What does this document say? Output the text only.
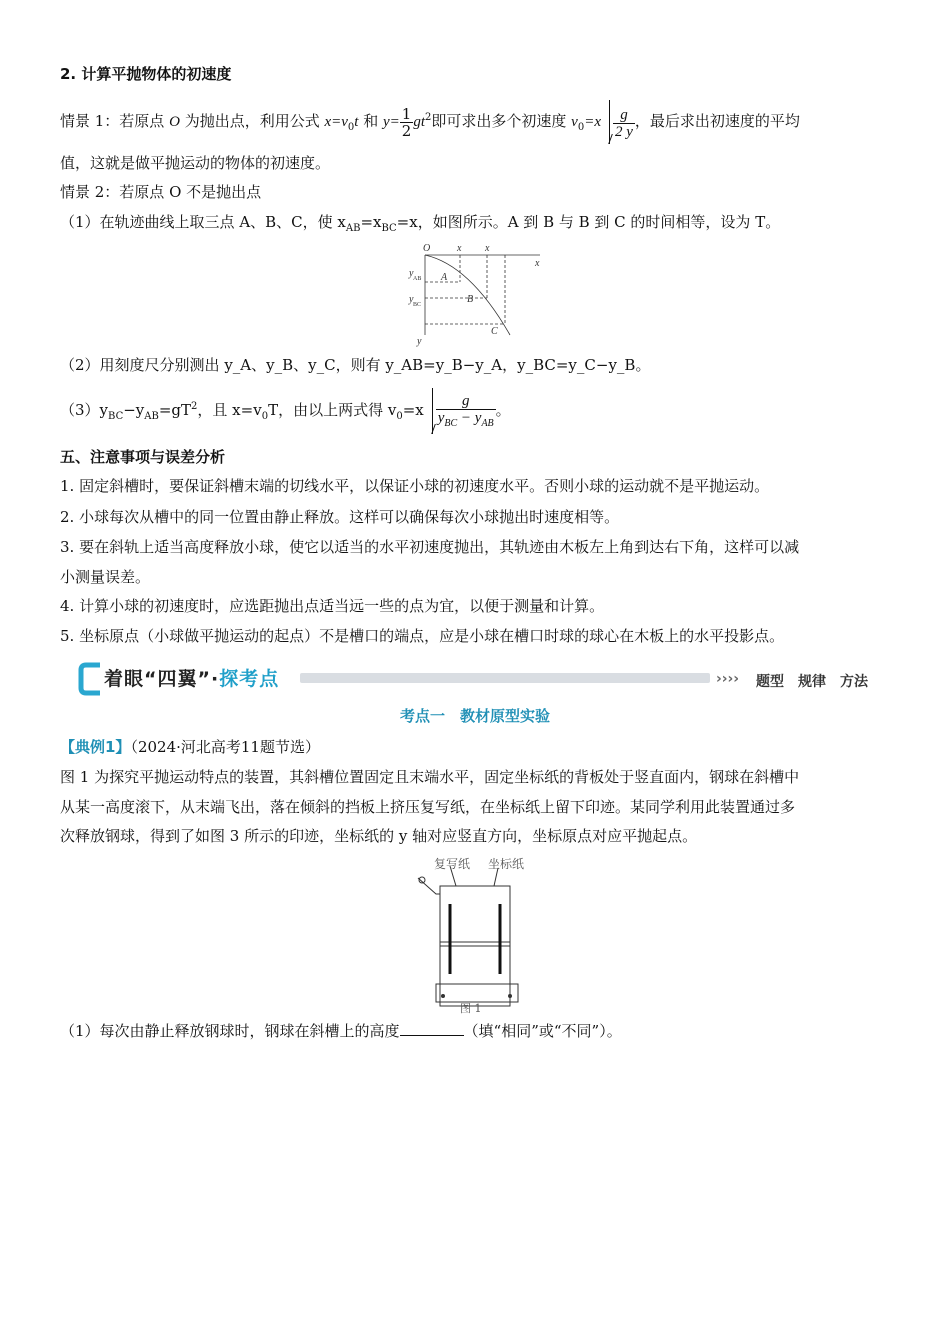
2. 计算平抛物体的初速度
情景 1：若原点 O 为抛出点，利用公式 $x=v_0t$ 和 $y= \frac{1}{2} gt^2$即可求出多个初速度 $v_0=x \frac{g}{2 y}$ ，最后求出初速度的平均
值，这就是做平抛运动的物体的初速度。
情景 2：若原点 O 不是抛出点
（1）在轨迹曲线上取三点 A、B、C，使 $x_{AB}=x_{BC}=x$，如图所示。A 到 B 与 B 到 C 的时间相等，设为 T。
O	x x
x
y
A
B
C
y
y
AB
BC
（2）用刻度尺分别测出 y_A、y_B、y_C，则有 y_AB=y_B−y_A，y_BC=y_C−y_B。
$(3)y_{BC}-y_{AB}=gT^2$，且 $x=v_0T$，由以上两式得 $v_0=x \frac{g}{y_{BC} - y_{AB}}$ 。
五、注意事项与误差分析
1. 固定斜槽时，要保证斜槽末端的切线水平，以保证小球的初速度水平。否则小球的运动就不是平抛运动。
2. 小球每次从槽中的同一位置由静止释放。这样可以确保每次小球抛出时速度相等。
3. 要在斜轨上适当高度释放小球，使它以适当的水平初速度抛出，其轨迹由木板左上角到达右下角，这样可以减
小测量误差。
4. 计算小球的初速度时，应选距抛出点适当远一些的点为宜，以便于测量和计算。
5. 坐标原点（小球做平抛运动的起点）不是槽口的端点，应是小球在槽口时球的球心在木板上的水平投影点。
着眼“四翼”·探考点	›››› 题型　规律　方法
考点一　教材原型实验
【典例1】（2024·河北高考11题节选）
图 1 为探究平抛运动特点的装置，其斜槽位置固定且末端水平，固定坐标纸的背板处于竖直面内，钢球在斜槽中
从某一高度滚下，从末端飞出，落在倾斜的挡板上挤压复写纸，在坐标纸上留下印迹。某同学利用此装置通过多
次释放钢球，得到了如图 3 所示的印迹，坐标纸的 y 轴对应竖直方向，坐标原点对应平抛起点。
复写纸 坐标纸
图 1
（1）每次由静止释放钢球时，钢球在斜槽上的高度	（填“相同”或“不同”）。
